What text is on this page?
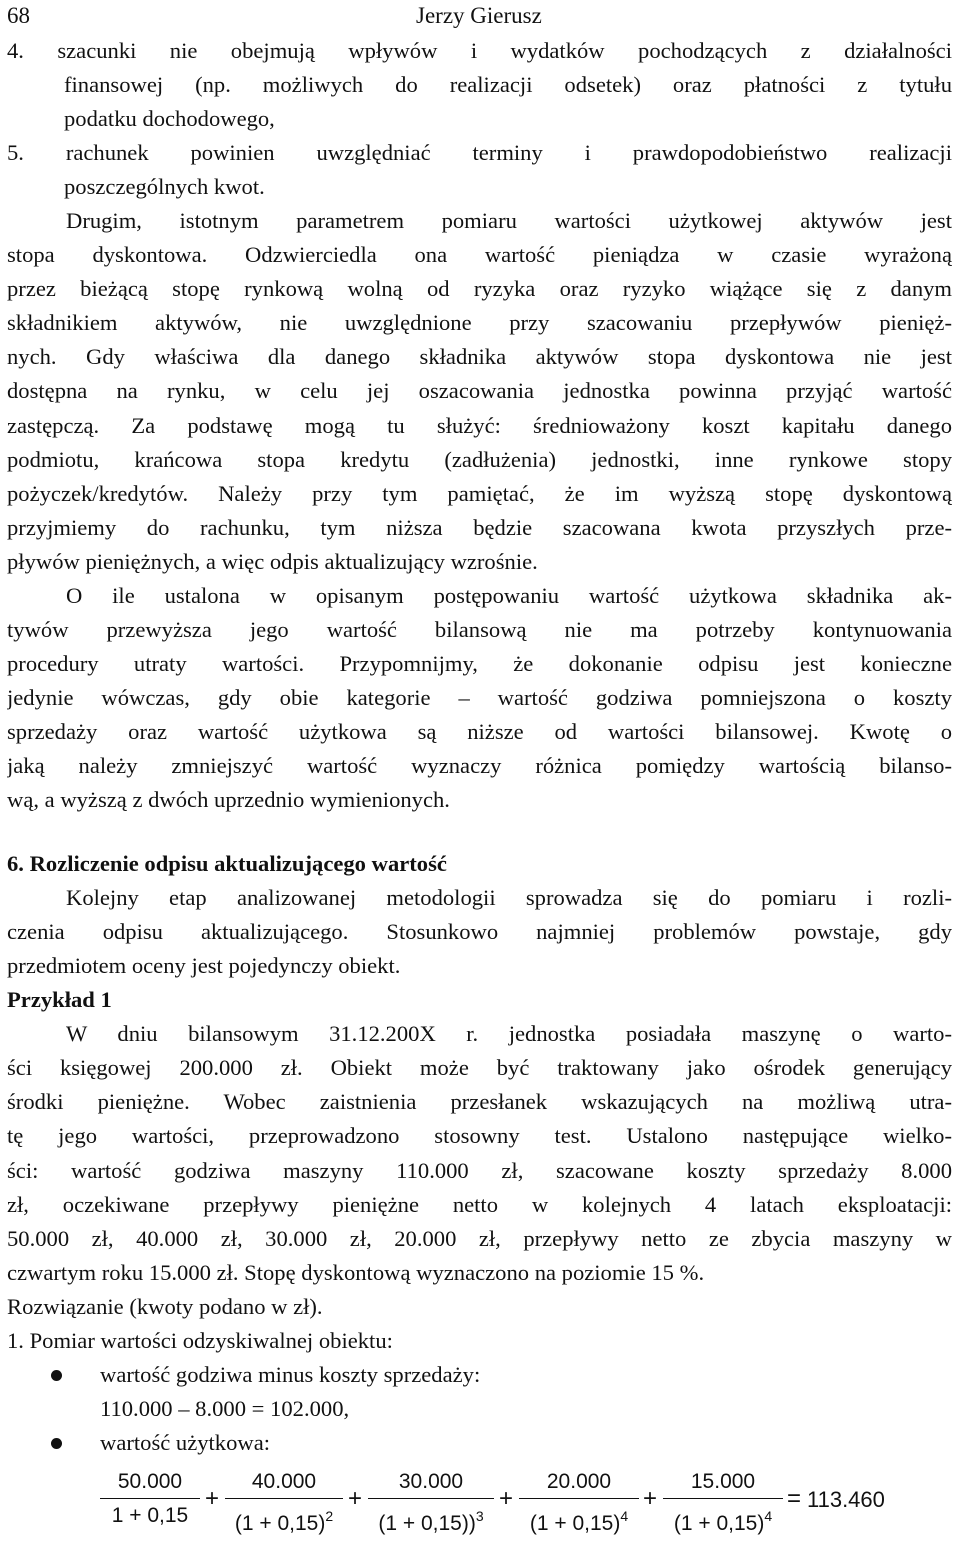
68	Jerzy Gierusz
4. szacunki nie obejmują wpływów i wydatków pochodzących z działalności
finansowej (np. możliwych do realizacji odsetek) oraz płatności z tytułu
podatku dochodowego,
5. rachunek powinien uwzględniać terminy i prawdopodobieństwo realizacji
poszczególnych kwot.
Drugim, istotnym parametrem pomiaru wartości użytkowej aktywów jest
stopa dyskontowa. Odzwierciedla ona wartość pieniądza w czasie wyrażoną
przez bieżącą stopę rynkową wolną od ryzyka oraz ryzyko wiążące się z danym
składnikiem aktywów, nie uwzględnione przy szacowaniu przepływów pienięż-
nych. Gdy właściwa dla danego składnika aktywów stopa dyskontowa nie jest
dostępna na rynku, w celu jej oszacowania jednostka powinna przyjąć wartość
zastępczą. Za podstawę mogą tu służyć: średnioważony koszt kapitału danego
podmiotu, krańcowa stopa kredytu (zadłużenia) jednostki, inne rynkowe stopy
pożyczek/kredytów. Należy przy tym pamiętać, że im wyższą stopę dyskontową
przyjmiemy do rachunku, tym niższa będzie szacowana kwota przyszłych prze-
pływów pieniężnych, a więc odpis aktualizujący wzrośnie.
O ile ustalona w opisanym postępowaniu wartość użytkowa składnika ak-
tywów przewyższa jego wartość bilansową nie ma potrzeby kontynuowania
procedury utraty wartości. Przypomnijmy, że dokonanie odpisu jest konieczne
jedynie wówczas, gdy obie kategorie – wartość godziwa pomniejszona o koszty
sprzedaży oraz wartość użytkowa są niższe od wartości bilansowej. Kwotę o
jaką należy zmniejszyć wartość wyznaczy różnica pomiędzy wartością bilanso-
wą, a wyższą z dwóch uprzednio wymienionych.
6. Rozliczenie odpisu aktualizującego wartość
Kolejny etap analizowanej metodologii sprowadza się do pomiaru i rozli-
czenia odpisu aktualizującego. Stosunkowo najmniej problemów powstaje, gdy
przedmiotem oceny jest pojedynczy obiekt.
Przykład 1
W dniu bilansowym 31.12.200X r. jednostka posiadała maszynę o warto-
ści księgowej 200.000 zł. Obiekt może być traktowany jako ośrodek generujący
środki pieniężne. Wobec zaistnienia przesłanek wskazujących na możliwą utra-
tę jego wartości, przeprowadzono stosowny test. Ustalono następujące wielko-
ści: wartość godziwa maszyny 110.000 zł, szacowane koszty sprzedaży 8.000
zł, oczekiwane przepływy pieniężne netto w kolejnych 4 latach eksploatacji:
50.000 zł, 40.000 zł, 30.000 zł, 20.000 zł, przepływy netto ze zbycia maszyny w
czwartym roku 15.000 zł. Stopę dyskontową wyznaczono na poziomie 15 %.
Rozwiązanie (kwoty podano w zł).
1. Pomiar wartości odzyskiwalnej obiektu:
wartość godziwa minus koszty sprzedaży:
110.000 – 8.000 = 102.000,
wartość użytkowa:
50.000
1 + 0,15
+
40.000
$(1 + 0,15)^2$
+
30.000
(1 + 0,15))$^3$
+
20.000
$(1 + 0,15)^4$
+
15.000
$(1 + 0,15)^4$
= 113.460
